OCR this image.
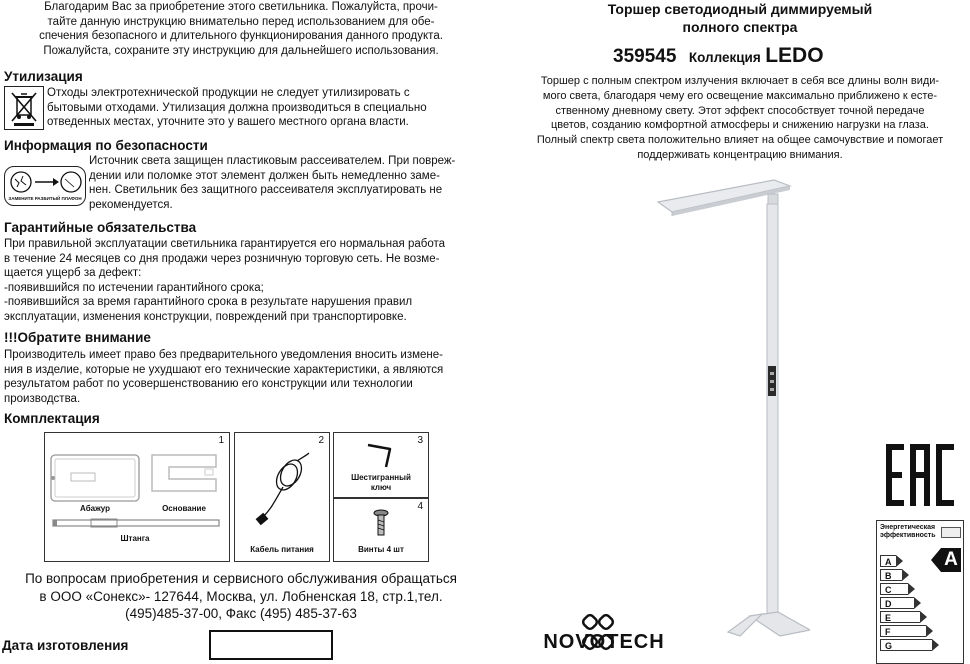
Благодарим Вас за приобретение этого светильника. Пожалуйста, прочи-
тайте данную инструкцию внимательно перед использованием для обе-
спечения безопасного и длительного функционирования данного продукта.
Пожалуйста, сохраните эту инструкцию для дальнейшего использования.
Утилизация
Отходы электротехнической продукции не следует утилизировать с
бытовыми отходами. Утилизация должна производиться в специально
отведенных местах, уточните это у вашего местного органа власти.
Информация по безопасности
ЗАМЕНИТЕ РАЗБИТЫЙ ПЛАФОН
Источник света защищен пластиковым рассеивателем. При повреж-
дении или поломке этот элемент должен быть немедленно заме-
нен. Светильник без защитного рассеивателя эксплуатировать не
рекомендуется.
Гарантийные обязательства
При правильной эксплуатации светильника гарантируется его нормальная работа
в течение 24 месяцев со дня продажи через розничную торговую сеть. Не возме-
щается ущерб за дефект:
-появившийся по истечении гарантийного срока;
-появившийся за время гарантийного срока в результате нарушения правил
эксплуатации, изменения конструкции, повреждений при транспортировке.
!!!Обратите внимание
Производитель имеет право без предварительного уведомления вносить измене-
ния в изделие, которые не ухудшают его технические характеристики, а являются
результатом работ по усовершенствованию его конструкции или технологии
производства.
Комплектация
1
Абажур	Основание
Штанга
2
Кабель питания
3
Шестигранный ключ
4
Винты 4 шт
По вопросам приобретения и сервисного обслуживания обращаться
в ООО «Сонекс»- 127644, Москва, ул. Лобненская 18, стр.1,тел.
(495)485-37-00, Факс (495) 485-37-63
Дата изготовления
Торшер светодиодный диммируемый
полного спектра
359545 Коллекция LEDO
Торшер с полным спектром излучения включает в себя все длины волн види-
мого света, благодаря чему его освещение максимально приближено к есте-
ственному дневному свету. Этот эффект способствует точной передаче
цветов, созданию комфортной атмосферы и снижению нагрузки на глаза.
Полный спектр света положительно влияет на общее самочувствие и помогает
поддерживать концентрацию внимания.
Энергетическая
эффективность
A
B
C
D
E
F
G
A
NOVOTECH
